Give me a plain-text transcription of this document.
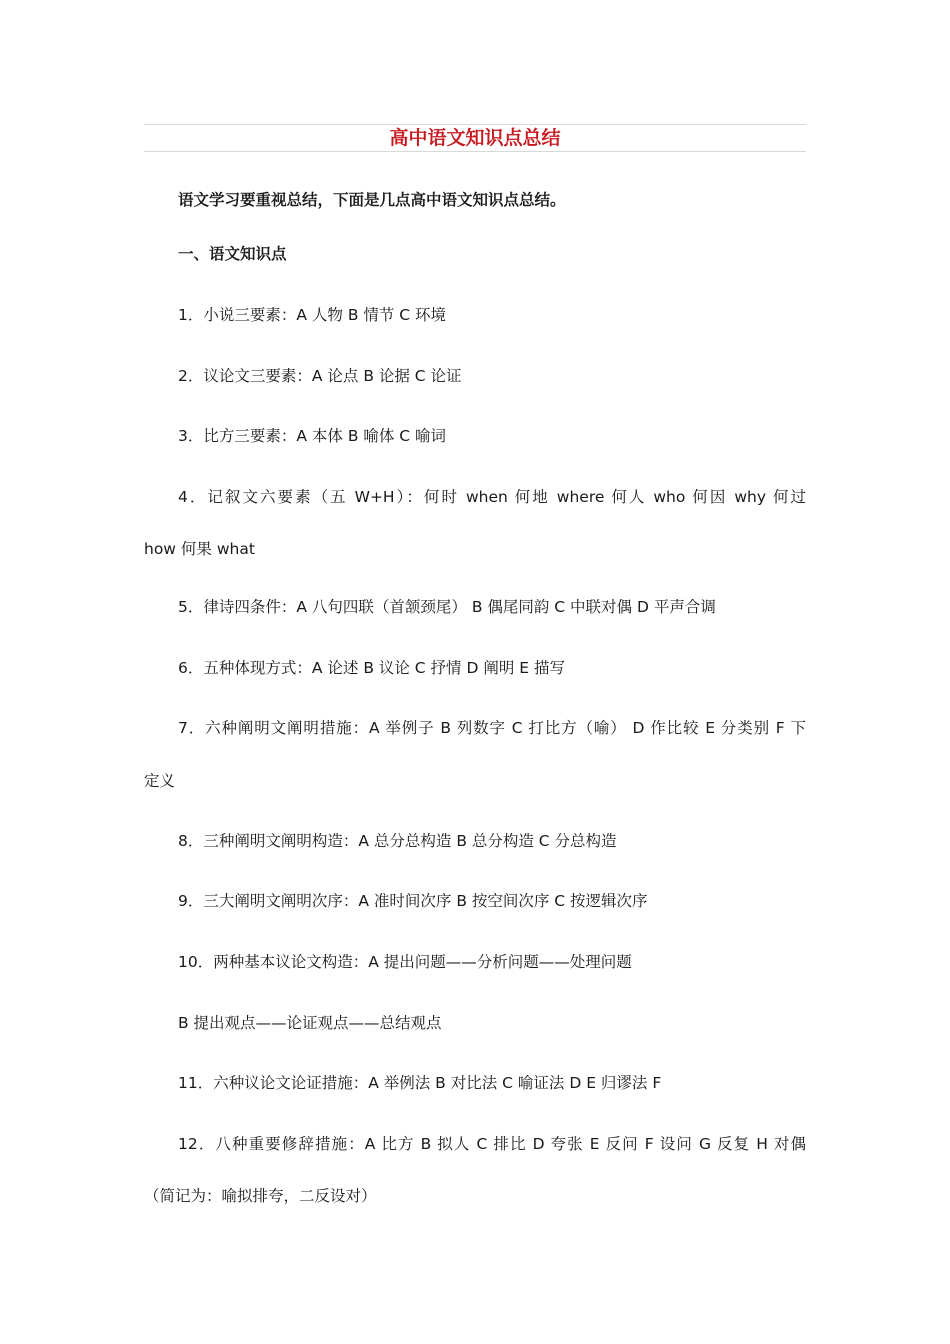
高中语文知识点总结
语文学习要重视总结，下面是几点高中语文知识点总结。
一、语文知识点
1．小说三要素：A 人物 B 情节 C 环境
2．议论文三要素：A 论点 B 论据 C 论证
3．比方三要素：A 本体 B 喻体 C 喻词
4．记叙文六要素（五 W+H）：何时 when 何地 where 何人 who 何因 why 何过
how 何果 what
5．律诗四条件：A 八句四联（首颔颈尾） B 偶尾同韵 C 中联对偶 D 平声合调
6．五种体现方式：A 论述 B 议论 C 抒情 D 阐明 E 描写
7．六种阐明文阐明措施：A 举例子 B 列数字 C 打比方（喻） D 作比较 E 分类别 F 下
定义
8．三种阐明文阐明构造：A 总分总构造 B 总分构造 C 分总构造
9．三大阐明文阐明次序：A 准时间次序 B 按空间次序 C 按逻辑次序
10．两种基本议论文构造：A 提出问题——分析问题——处理问题
B 提出观点——论证观点——总结观点
11．六种议论文论证措施：A 举例法 B 对比法 C 喻证法 D E 归谬法 F
12．八种重要修辞措施：A 比方 B 拟人 C 排比 D 夸张 E 反问 F 设问 G 反复 H 对偶
（简记为：喻拟排夸，二反设对）
